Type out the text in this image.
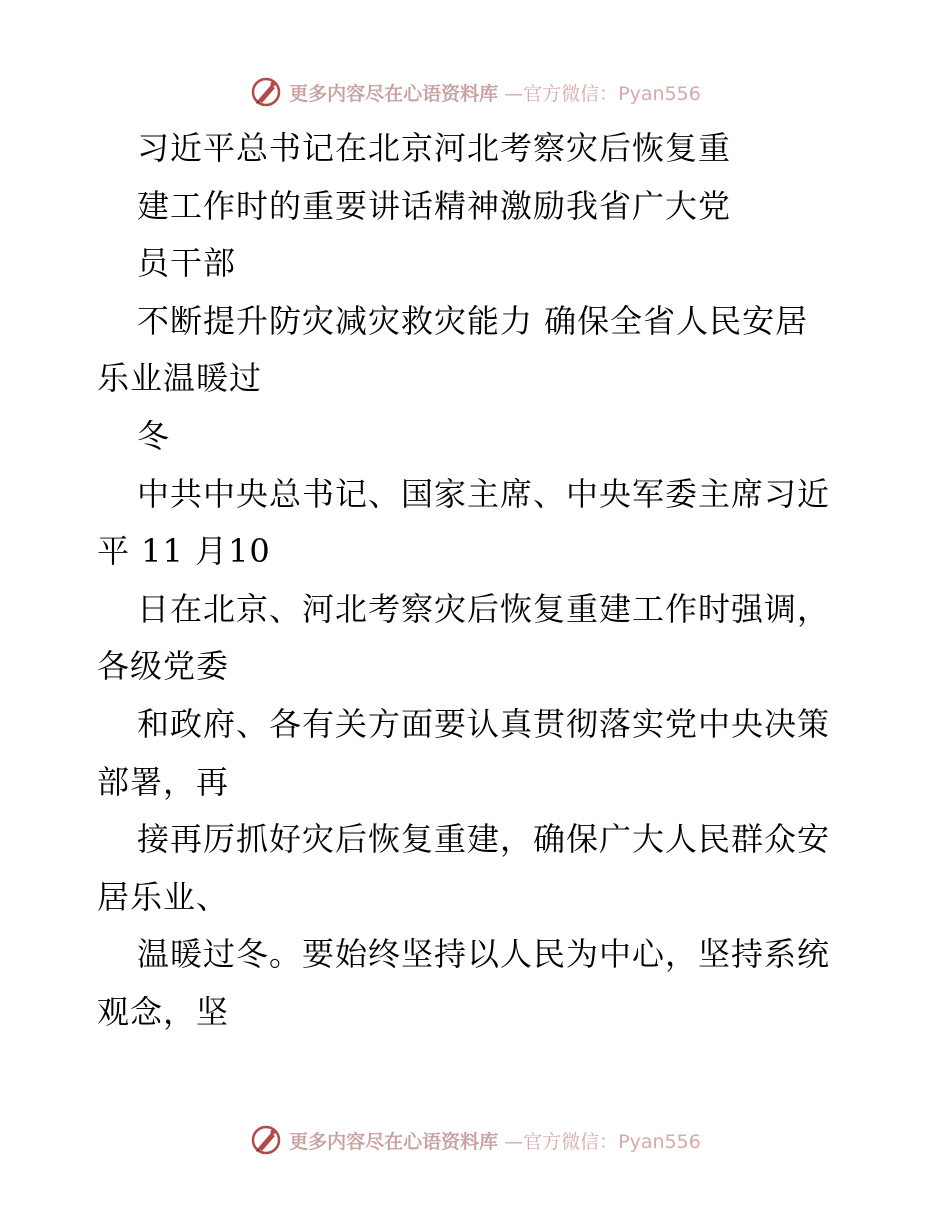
更多内容尽在心语资料库 —官方微信：Pyan556
习近平总书记在北京河北考察灾后恢复重
建工作时的重要讲话精神激励我省广大党
员干部
不断提升防灾减灾救灾能力 确保全省人民安居
乐业温暖过
冬
中共中央总书记、国家主席、中央军委主席习近
平 11 月10
日在北京、河北考察灾后恢复重建工作时强调，
各级党委
和政府、各有关方面要认真贯彻落实党中央决策
部署，再
接再厉抓好灾后恢复重建，确保广大人民群众安
居乐业、
温暖过冬。要始终坚持以人民为中心，坚持系统
观念，坚
更多内容尽在心语资料库 —官方微信：Pyan556
